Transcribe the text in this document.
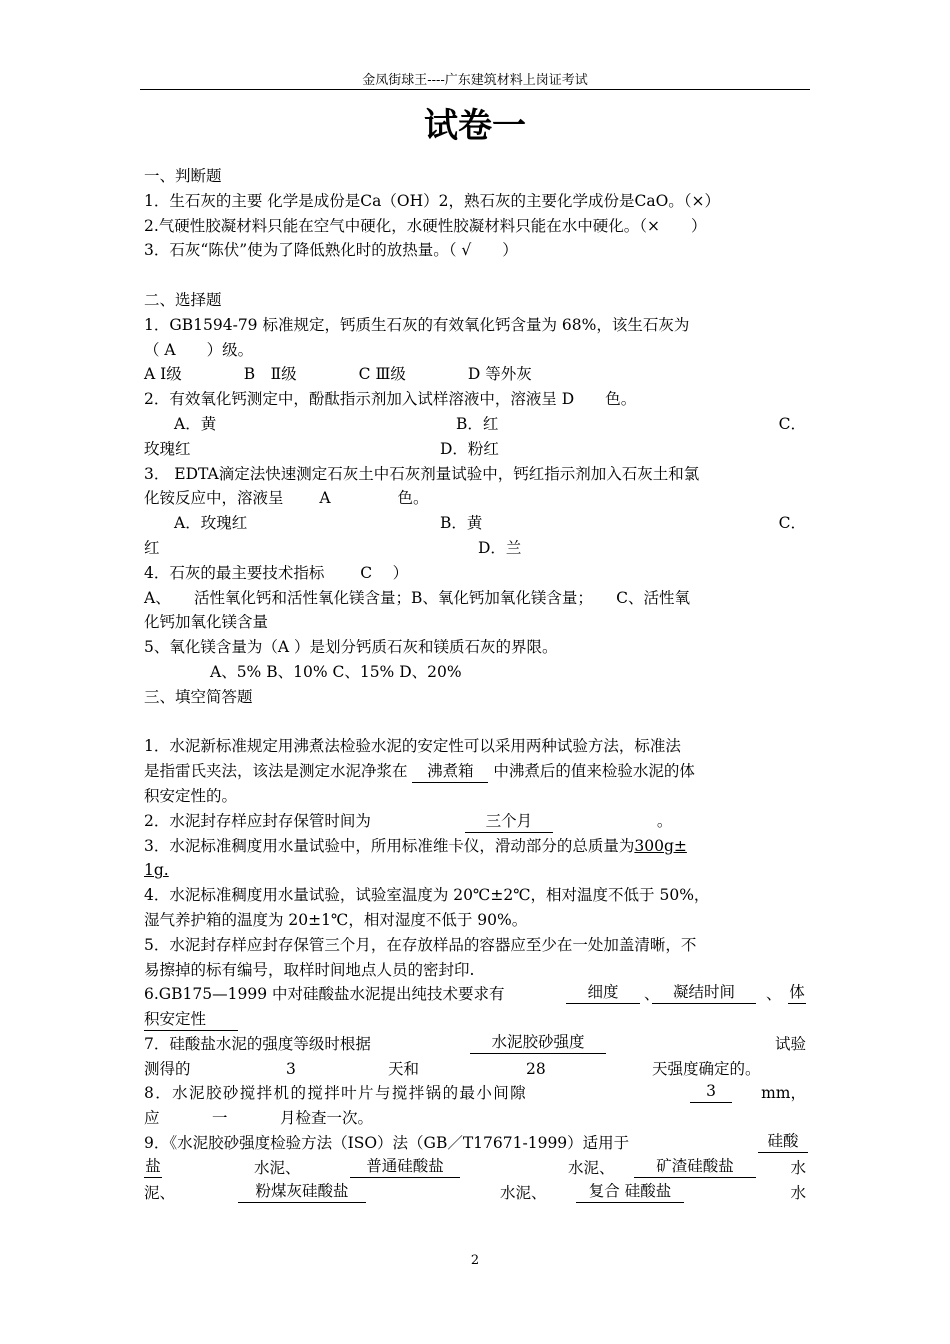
金凤街球王----广东建筑材料上岗证考试
试卷一

一、判断题

1．生石灰的主要 化学是成份是Ca（OH）2，熟石灰的主要化学成份是CaO。（×）

2.气硬性胶凝材料只能在空气中硬化，水硬性胶凝材料只能在水中硬化。（×　　）

3．石灰“陈伏”使为了降低熟化时的放热量。（ √　　）

二、选择题

1．GB1594-79 标准规定，钙质生石灰的有效氧化钙含量为 68%，该生石灰为

（ A　　）级。

A Ⅰ级　　　　B　Ⅱ级　　　　C Ⅲ级　　　　D 等外灰

2．有效氧化钙测定中，酚酞指示剂加入试样溶液中，溶液呈 D　　色。

A．黄	B．红	C．

玫瑰红	D．粉红

3． EDTA滴定法快速测定石灰土中石灰剂量试验中，钙红指示剂加入石灰土和氯

化铵反应中，溶液呈　　 A　　　　 色。

A．玫瑰红	B．黄	C．

红	D．兰

4．石灰的最主要技术指标　　 C　 ）

A、　　活性氧化钙和活性氧化镁含量；B、氧化钙加氧化镁含量；　　C、活性氧

化钙加氧化镁含量

5、氧化镁含量为（A ）是划分钙质石灰和镁质石灰的界限。

A、5% B、10% C、15% D、20%

三、填空简答题

1．水泥新标准规定用沸煮法检验水泥的安定性可以采用两种试验方法，标准法

是指雷氏夹法，该法是测定水泥净浆在 沸煮箱 中沸煮后的值来检验水泥的体

积安定性的。

2．水泥封存样应封存保管时间为	三个月	。

3．水泥标准稠度用水量试验中，所用标准维卡仪，滑动部分的总质量为300g±

1g.

4．水泥标准稠度用水量试验，试验室温度为 20℃±2℃，相对温度不低于 50%，

湿气养护箱的温度为 20±1℃，相对湿度不低于 90%。

5．水泥封存样应封存保管三个月，在存放样品的容器应至少在一处加盖清晰，不

易擦掉的标有编号，取样时间地点人员的密封印.

6.GB175—1999 中对硅酸盐水泥提出纯技术要求有	细度	、 凝结时间	、 体

积安定性

7．硅酸盐水泥的强度等级时根据	水泥胶砂强度	试验

测得的	3	天和	28	天强度确定的。

8．水泥胶砂搅拌机的搅拌叶片与搅拌锅的最小间隙	3	mm，

应	一	月检查一次。

9．《水泥胶砂强度检验方法（ISO）法（GB／T17671-1999）适用于	硅酸

盐	水泥、	普通硅酸盐	水泥、	矿渣硅酸盐	水

泥、	粉煤灰硅酸盐	水泥、	复合 硅酸盐	水

2
